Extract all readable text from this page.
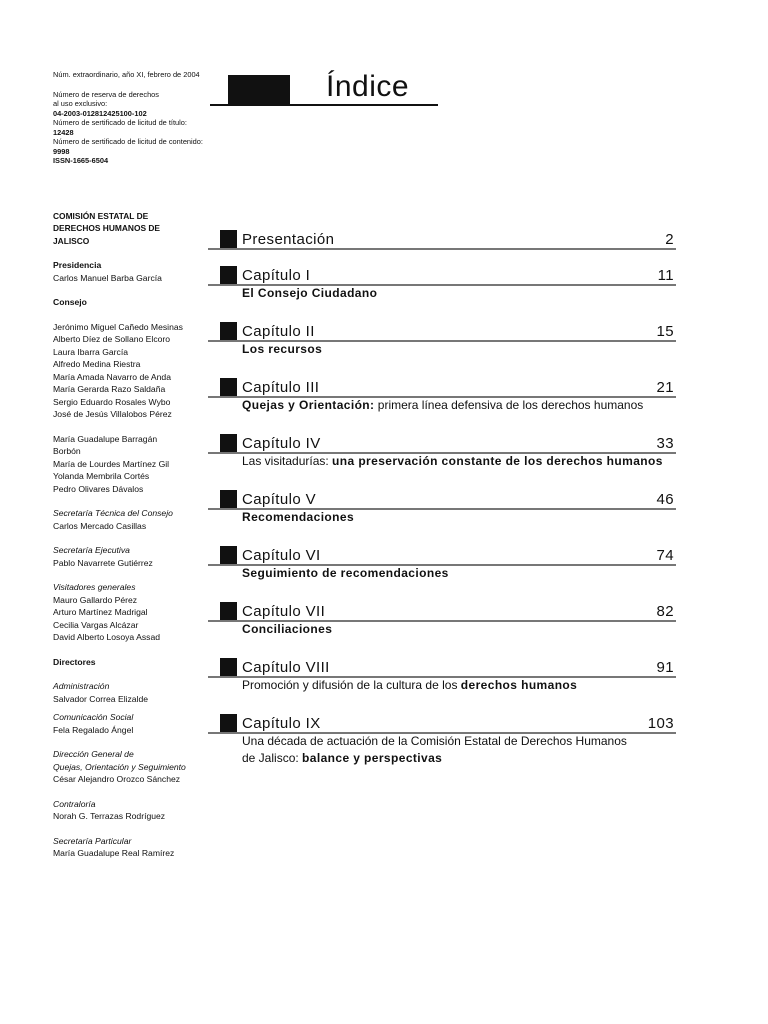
Núm. extraordinario, año XI, febrero de 2004
Número de reserva de derechos
al uso exclusivo:
04-2003-012812425100-102
Número de sertificado de licitud de título:
12428
Número de sertificado de licitud de contenido:
9998
ISSN-1665-6504
COMISIÓN ESTATAL DE DERECHOS HUMANOS DE JALISCO
Presidencia
Carlos Manuel Barba García
Consejo
Jerónimo Miguel Cañedo Mesinas
Alberto Díez de Sollano Elcoro
Laura Ibarra García
Alfredo Medina Riestra
María Amada Navarro de Anda
María Gerarda Razo Saldaña
Sergio Eduardo Rosales Wybo
José de Jesús Villalobos Pérez
María Guadalupe Barragán
Borbón
María de Lourdes Martínez Gil
Yolanda Membrila Cortés
Pedro Olivares Dávalos
Secretaría Técnica del Consejo
Carlos Mercado Casillas
Secretaría Ejecutiva
Pablo Navarrete Gutiérrez
Visitadores generales
Mauro Gallardo Pérez
Arturo Martínez Madrigal
Cecilia Vargas Alcázar
David Alberto Losoya Assad
Directores
Administración
Salvador Correa Elizalde
Comunicación Social
Fela Regalado Ángel
Dirección General de
Quejas, Orientación y Seguimiento
César Alejandro Orozco Sánchez
Contraloría
Norah G. Terrazas Rodríguez
Secretaría Particular
María Guadalupe Real Ramírez
Índice
Presentación	2
Capítulo I	11
El Consejo Ciudadano
Capítulo II	15
Los recursos
Capítulo III	21
Quejas y Orientación: primera línea defensiva de los derechos humanos
Capítulo IV	33
Las visitadurías: una preservación constante de los derechos humanos
Capítulo V	46
Recomendaciones
Capítulo VI	74
Seguimiento de recomendaciones
Capítulo VII	82
Conciliaciones
Capítulo VIII	91
Promoción y difusión de la cultura de los derechos humanos
Capítulo IX	103
Una década de actuación de la Comisión Estatal de Derechos Humanos
de Jalisco: balance y perspectivas
